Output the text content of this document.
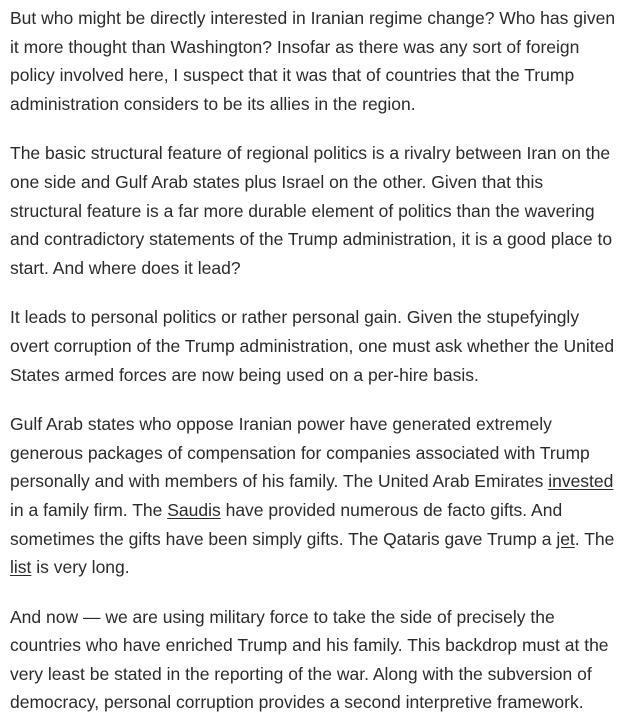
But who might be directly interested in Iranian regime change? Who has given it more thought than Washington? Insofar as there was any sort of foreign policy involved here, I suspect that it was that of countries that the Trump administration considers to be its allies in the region.

The basic structural feature of regional politics is a rivalry between Iran on the one side and Gulf Arab states plus Israel on the other. Given that this structural feature is a far more durable element of politics than the wavering and contradictory statements of the Trump administration, it is a good place to start. And where does it lead?

It leads to personal politics or rather personal gain. Given the stupefyingly overt corruption of the Trump administration, one must ask whether the United States armed forces are now being used on a per-hire basis.

Gulf Arab states who oppose Iranian power have generated extremely generous packages of compensation for companies associated with Trump personally and with members of his family. The United Arab Emirates invested in a family firm. The Saudis have provided numerous de facto gifts. And sometimes the gifts have been simply gifts. The Qataris gave Trump a jet. The list is very long.

And now — we are using military force to take the side of precisely the countries who have enriched Trump and his family. This backdrop must at the very least be stated in the reporting of the war. Along with the subversion of democracy, personal corruption provides a second interpretive framework.
